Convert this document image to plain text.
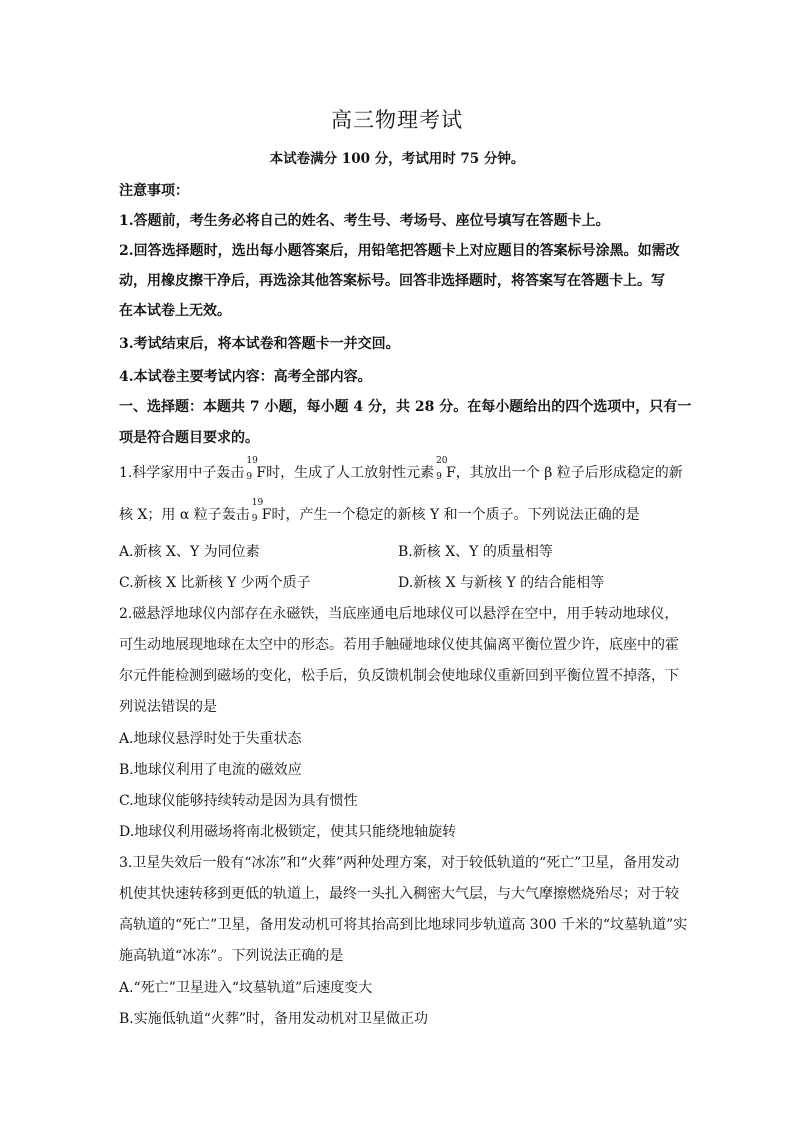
高三物理考试
本试卷满分 100 分，考试用时 75 分钟。
注意事项：
1.答题前，考生务必将自己的姓名、考生号、考场号、座位号填写在答题卡上。
2.回答选择题时，选出每小题答案后，用铅笔把答题卡上对应题目的答案标号涂黑。如需改
动，用橡皮擦干净后，再选涂其他答案标号。回答非选择题时，将答案写在答题卡上。写
在本试卷上无效。
3.考试结束后，将本试卷和答题卡一并交回。
4.本试卷主要考试内容：高考全部内容。
一、选择题：本题共 7 小题，每小题 4 分，共 28 分。在每小题给出的四个选项中，只有一
项是符合题目要求的。
1.科学家用中子轰击
19
9 F时，生成了人工放射性元素
20
9 F，其放出一个 β 粒子后形成稳定的新
核 X；用 α 粒子轰击
19
9 F时，产生一个稳定的新核 Y 和一个质子。下列说法正确的是
A.新核 X、Y 为同位素	B.新核 X、Y 的质量相等
C.新核 X 比新核 Y 少两个质子	D.新核 X 与新核 Y 的结合能相等
2.磁悬浮地球仪内部存在永磁铁，当底座通电后地球仪可以悬浮在空中，用手转动地球仪，
可生动地展现地球在太空中的形态。若用手触碰地球仪使其偏离平衡位置少许，底座中的霍
尔元件能检测到磁场的变化，松手后，负反馈机制会使地球仪重新回到平衡位置不掉落，下
列说法错误的是
A.地球仪悬浮时处于失重状态
B.地球仪利用了电流的磁效应
C.地球仪能够持续转动是因为具有惯性
D.地球仪利用磁场将南北极锁定，使其只能绕地轴旋转
3.卫星失效后一般有“冰冻”和“火葬”两种处理方案，对于较低轨道的“死亡”卫星，备用发动
机使其快速转移到更低的轨道上，最终一头扎入稠密大气层，与大气摩擦燃烧殆尽；对于较
高轨道的“死亡”卫星，备用发动机可将其抬高到比地球同步轨道高 300 千米的“坟墓轨道”实
施高轨道“冰冻”。下列说法正确的是
A.“死亡”卫星进入“坟墓轨道”后速度变大
B.实施低轨道“火葬”时，备用发动机对卫星做正功
